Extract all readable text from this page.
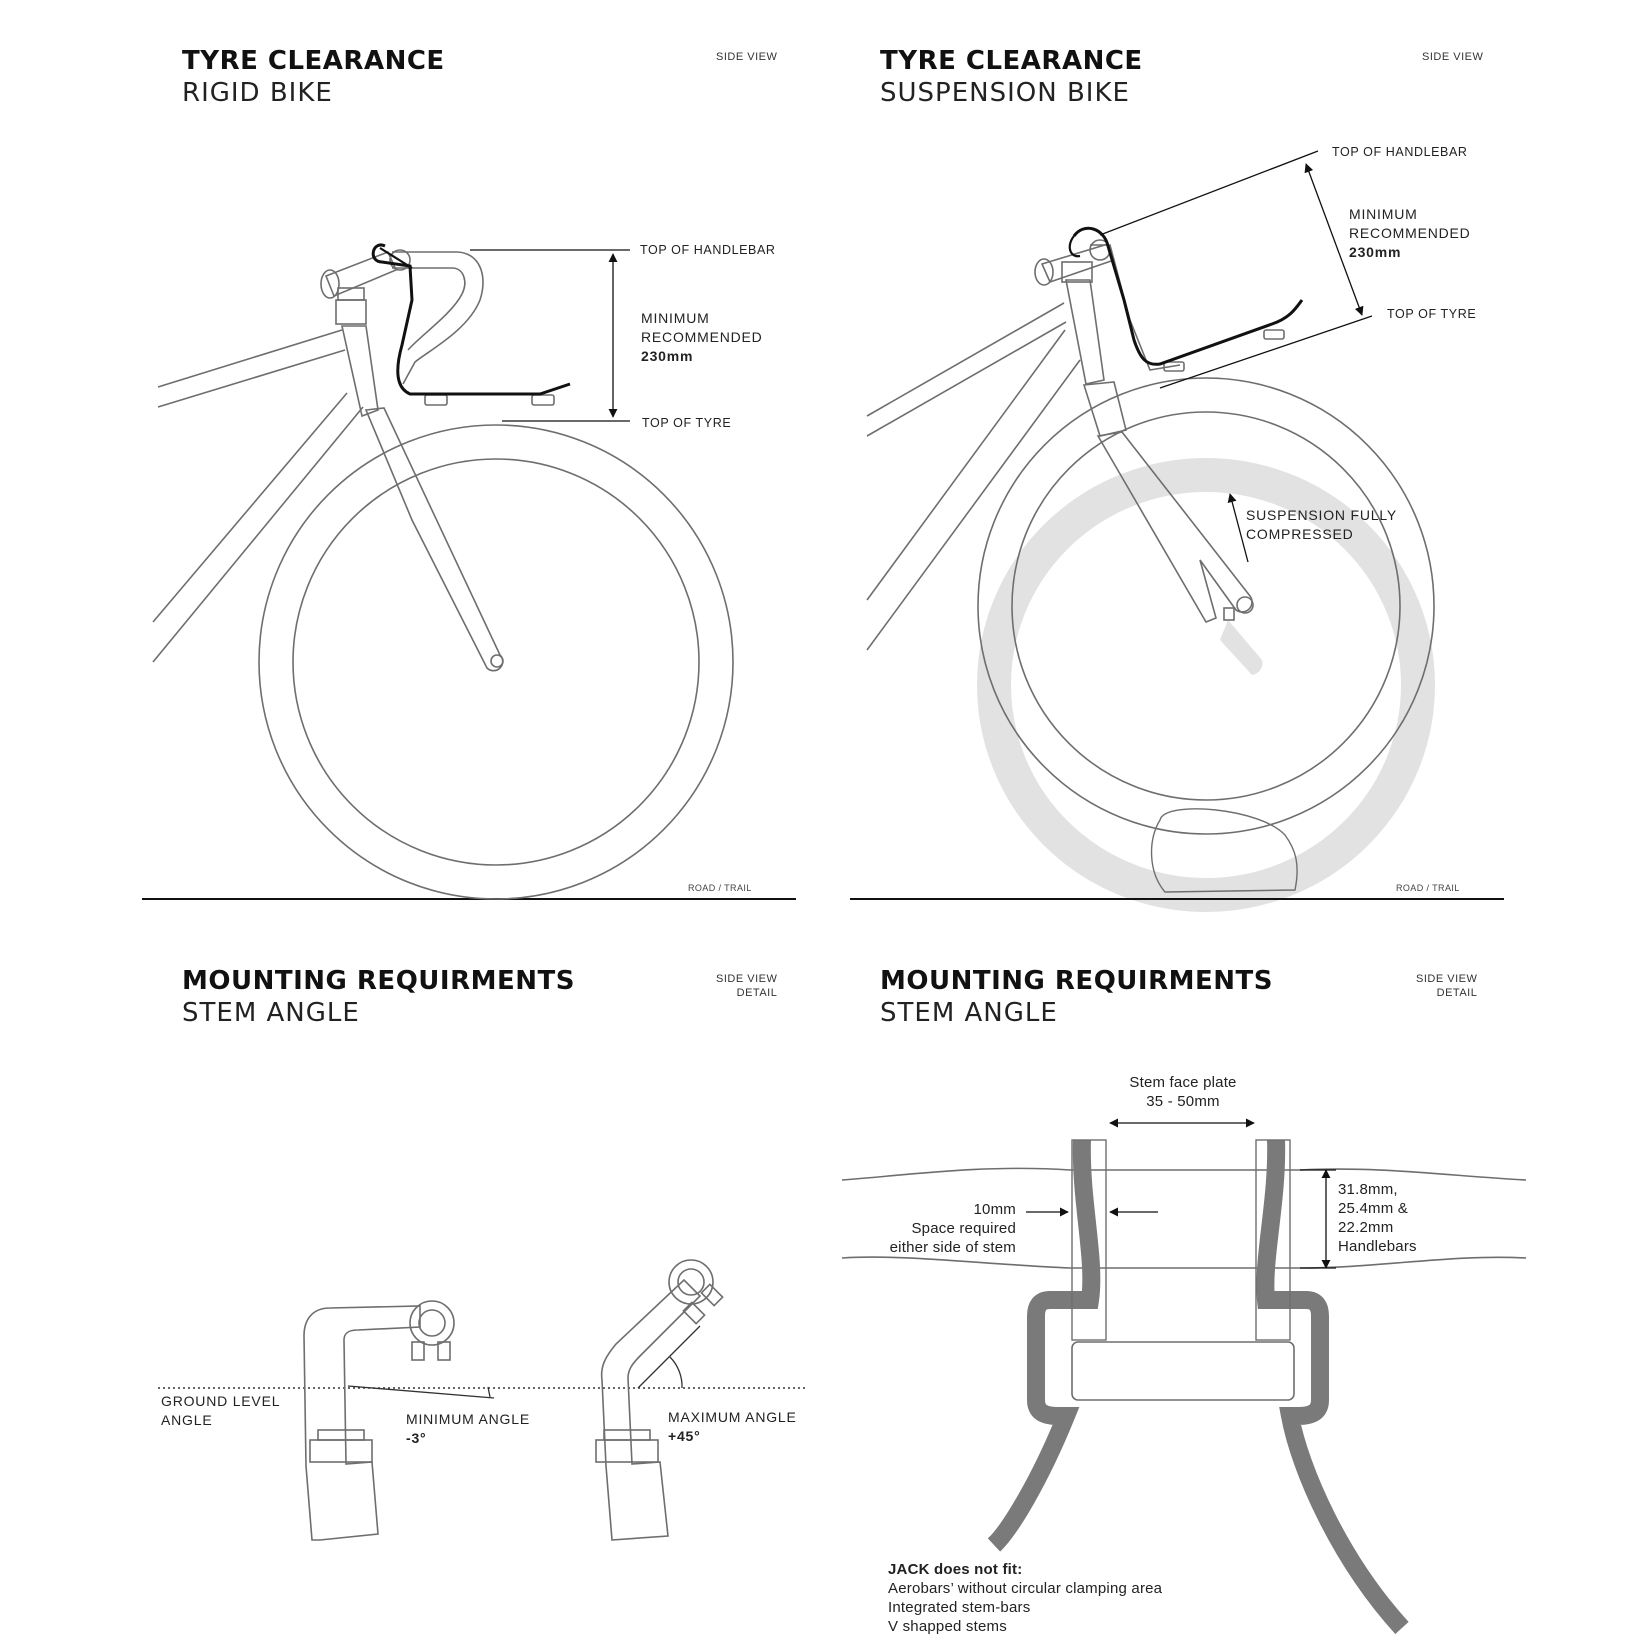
TYRE CLEARANCE
RIGID BIKE
SIDE VIEW
TOP OF HANDLEBAR
MINIMUM
RECOMMENDED
230mm
TOP OF TYRE
ROAD / TRAIL
TYRE CLEARANCE
SUSPENSION BIKE
SIDE VIEW
TOP OF HANDLEBAR
MINIMUM
RECOMMENDED
230mm
TOP OF TYRE
SUSPENSION FULLY
COMPRESSED
ROAD / TRAIL
MOUNTING REQUIRMENTS
STEM ANGLE
SIDE VIEW
DETAIL
GROUND LEVEL
ANGLE	MINIMUM ANGLE
-3°
MAXIMUM ANGLE
+45°
MOUNTING REQUIRMENTS
STEM ANGLE
SIDE VIEW
DETAIL
Stem face plate
35 - 50mm
10mm
Space required
either side of stem
31.8mm,
25.4mm &
22.2mm
Handlebars
JACK does not fit:
Aerobars’ without circular clamping area
Integrated stem-bars
V shapped stems
